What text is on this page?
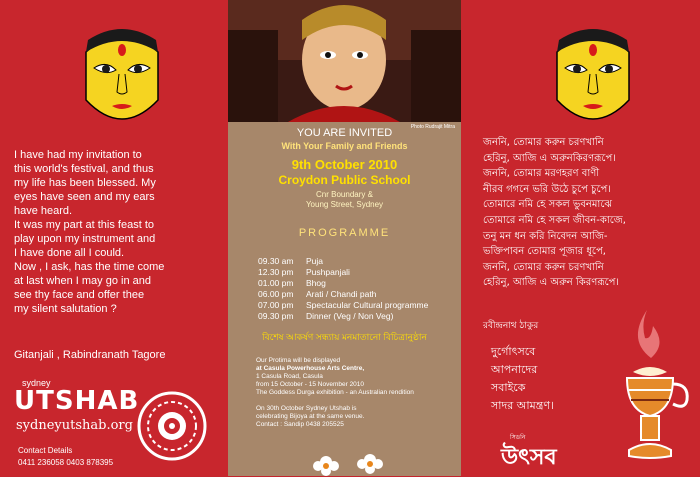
I have had my invitation to

this world's festival, and thus

my life has been blessed. My

eyes have seen and my ears

have heard.

It was my part at this feast to

play upon my instrument and

I have done all I could.

Now , I ask, has the time come

at last when I may go in and

see thy face and offer thee

my silent salutation ?

Gitanjali , Rabindranath Tagore
sydney
UTSHAB
sydneyutshab.org
Contact Details
0411 236058 0403 878395
Photo Rudrajit Mitra
YOU ARE INVITED
With Your Family and Friends
9th October 2010
Croydon Public School
Cnr Boundary &
Young Street, Sydney
PROGRAMME
09.30 am	Puja
12.30 pm	Pushpanjali
01.00 pm	Bhog
06.00 pm	Arati / Chandi path
07.00 pm	Spectacular Cultural programme
09.30 pm	Dinner (Veg / Non Veg)
বিশেষ আকর্ষণ সন্ধ্যায় মনমাতানো বিচিত্রানুষ্ঠান
Our Protima will be displayed
at Casula Powerhouse Arts Centre,
1 Casula Road, Casula
from 15 October - 15 November 2010
The Goddess Durga exhibition - an Australian rendition
On 30th October Sydney Utshab is
celebrating Bijoya at the same venue.
Contact : Sandip 0438 205525
জননি, তোমার করুন চরণখানি
হেরিনু, আজি এ অরুনকিরণরূপে।
জননি, তোমার মরণহরণ বাণী
নীরব গগনে ভরি উঠে চুপে চুপে।
তোমারে নমি হে সকল ভুবনমাঝে
তোমারে নমি হে সকল জীবন-কাজে,
তনু মন ধন করি নিবেদন আজি-
ভক্তিপাবন তোমার পূজার ধূপে,
জননি, তোমার করুন চরণখানি
হেরিনু, আজি এ অরুন কিরণরূপে।
রবীন্দ্রনাথ ঠাকুর
দুর্গোৎসবে
আপনাদের
সবাইকে
সাদর আমন্ত্রণ।
সিডনি
উৎসব
